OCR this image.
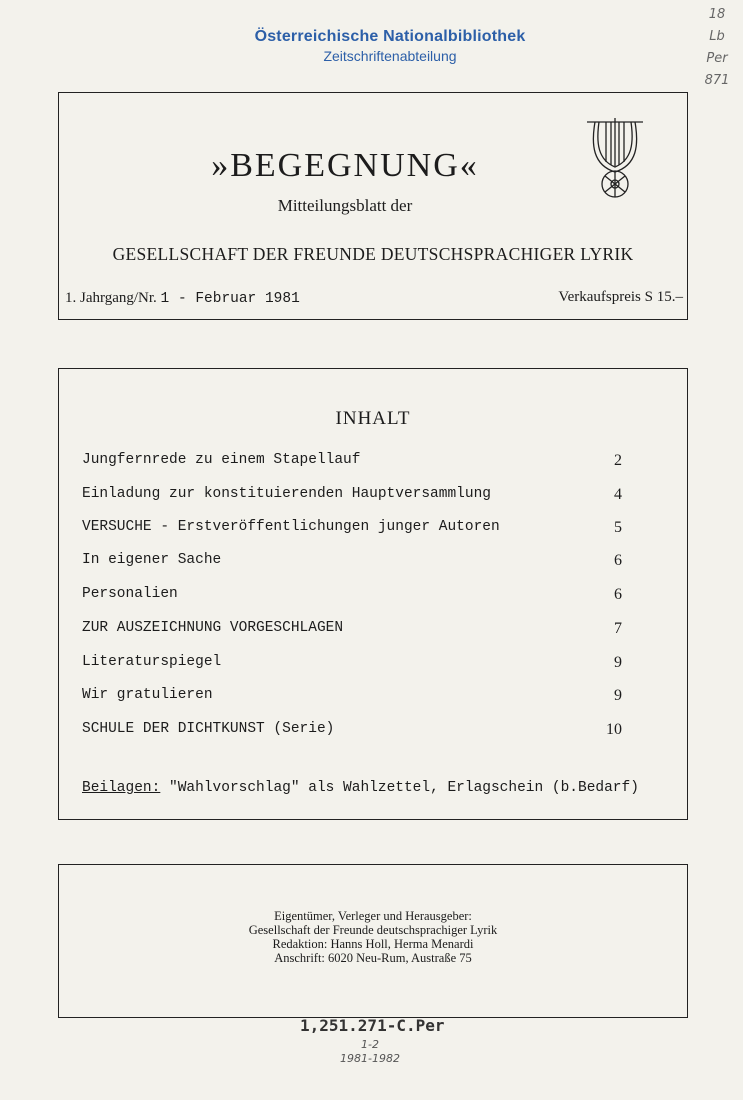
Österreichische Nationalbibliothek
Zeitschriftenabteilung
18
Lb
Per
871
»BEGEGNUNG«
Mitteilungsblatt der
GESELLSCHAFT DER FREUNDE DEUTSCHSPRACHIGER LYRIK
1. Jahrgang/Nr. 1 - Februar 1981	Verkaufspreis S 15.–
INHALT
Jungfernrede zu einem Stapellauf	2
Einladung zur konstituierenden Hauptversammlung	4
VERSUCHE - Erstveröffentlichungen junger Autoren	5
In eigener Sache	6
Personalien	6
ZUR AUSZEICHNUNG VORGESCHLAGEN	7
Literaturspiegel	9
Wir gratulieren	9
SCHULE DER DICHTKUNST (Serie)	10
Beilagen: "Wahlvorschlag" als Wahlzettel, Erlagschein (b.Bedarf)
Eigentümer, Verleger und Herausgeber:
Gesellschaft der Freunde deutschsprachiger Lyrik
Redaktion: Hanns Holl, Herma Menardi
Anschrift: 6020 Neu-Rum, Austraße 75
1,251.271-C.Per
1-2
1981-1982
